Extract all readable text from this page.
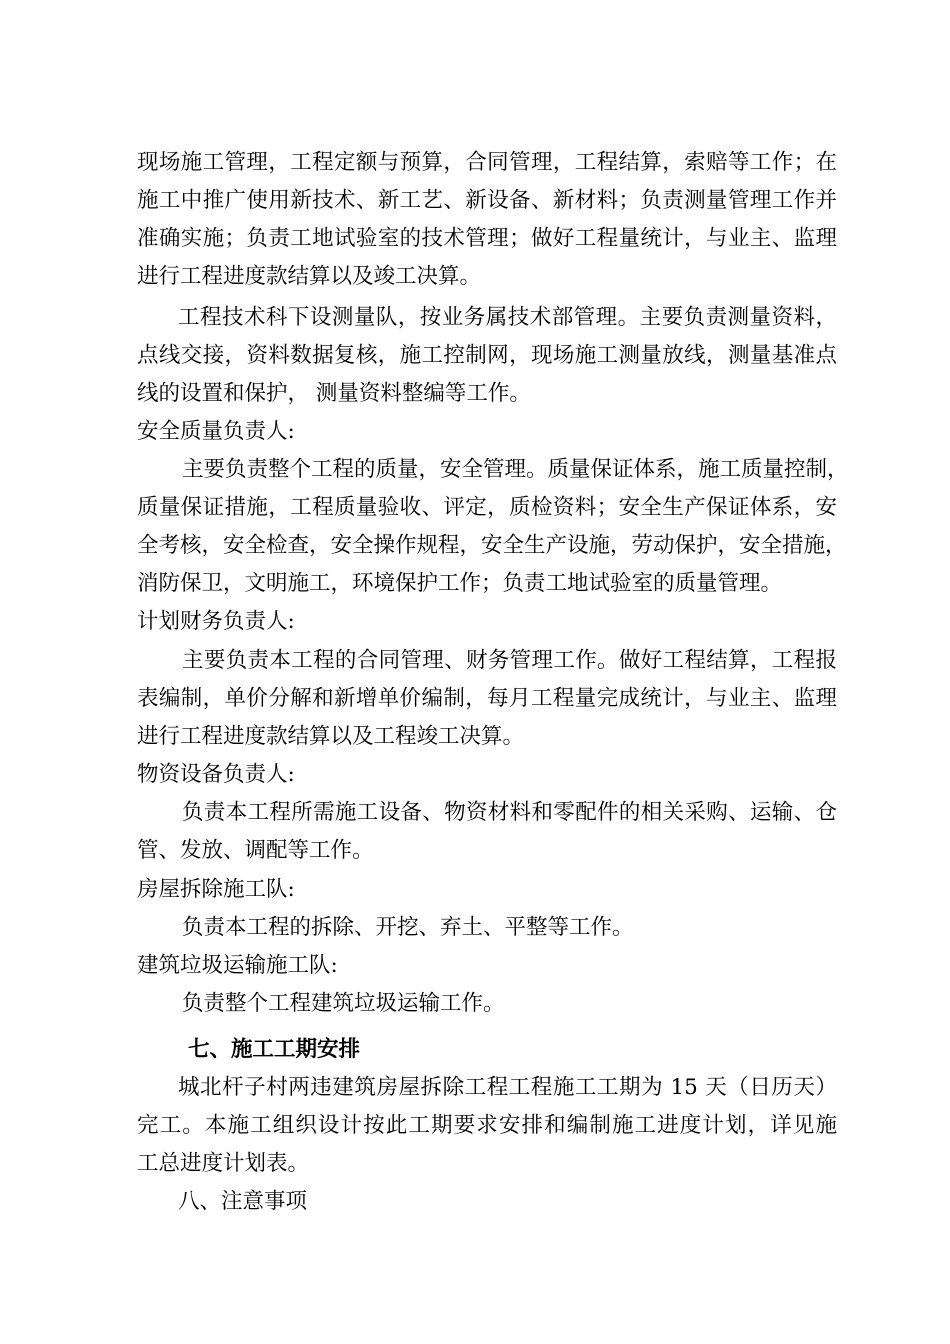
现场施工管理，工程定额与预算，合同管理，工程结算，索赔等工作；在

施工中推广使用新技术、新工艺、新设备、新材料；负责测量管理工作并

准确实施；负责工地试验室的技术管理；做好工程量统计，与业主、监理

进行工程进度款结算以及竣工决算。

工程技术科下设测量队，按业务属技术部管理。主要负责测量资料，

点线交接，资料数据复核，施工控制网，现场施工测量放线，测量基准点

线的设置和保护， 测量资料整编等工作。

安全质量负责人:

主要负责整个工程的质量，安全管理。质量保证体系，施工质量控制，

质量保证措施，工程质量验收、评定，质检资料；安全生产保证体系，安

全考核，安全检查，安全操作规程，安全生产设施，劳动保护，安全措施，

消防保卫，文明施工，环境保护工作；负责工地试验室的质量管理。

计划财务负责人:

主要负责本工程的合同管理、财务管理工作。做好工程结算，工程报

表编制，单价分解和新增单价编制，每月工程量完成统计，与业主、监理

进行工程进度款结算以及工程竣工决算。

物资设备负责人:

负责本工程所需施工设备、物资材料和零配件的相关采购、运输、仓

管、发放、调配等工作。

房屋拆除施工队:

负责本工程的拆除、开挖、弃土、平整等工作。

建筑垃圾运输施工队:

负责整个工程建筑垃圾运输工作。

七、施工工期安排

城北杆子村两违建筑房屋拆除工程工程施工工期为 15 天（日历天）

完工。本施工组织设计按此工期要求安排和编制施工进度计划，详见施

工总进度计划表。

八、注意事项
